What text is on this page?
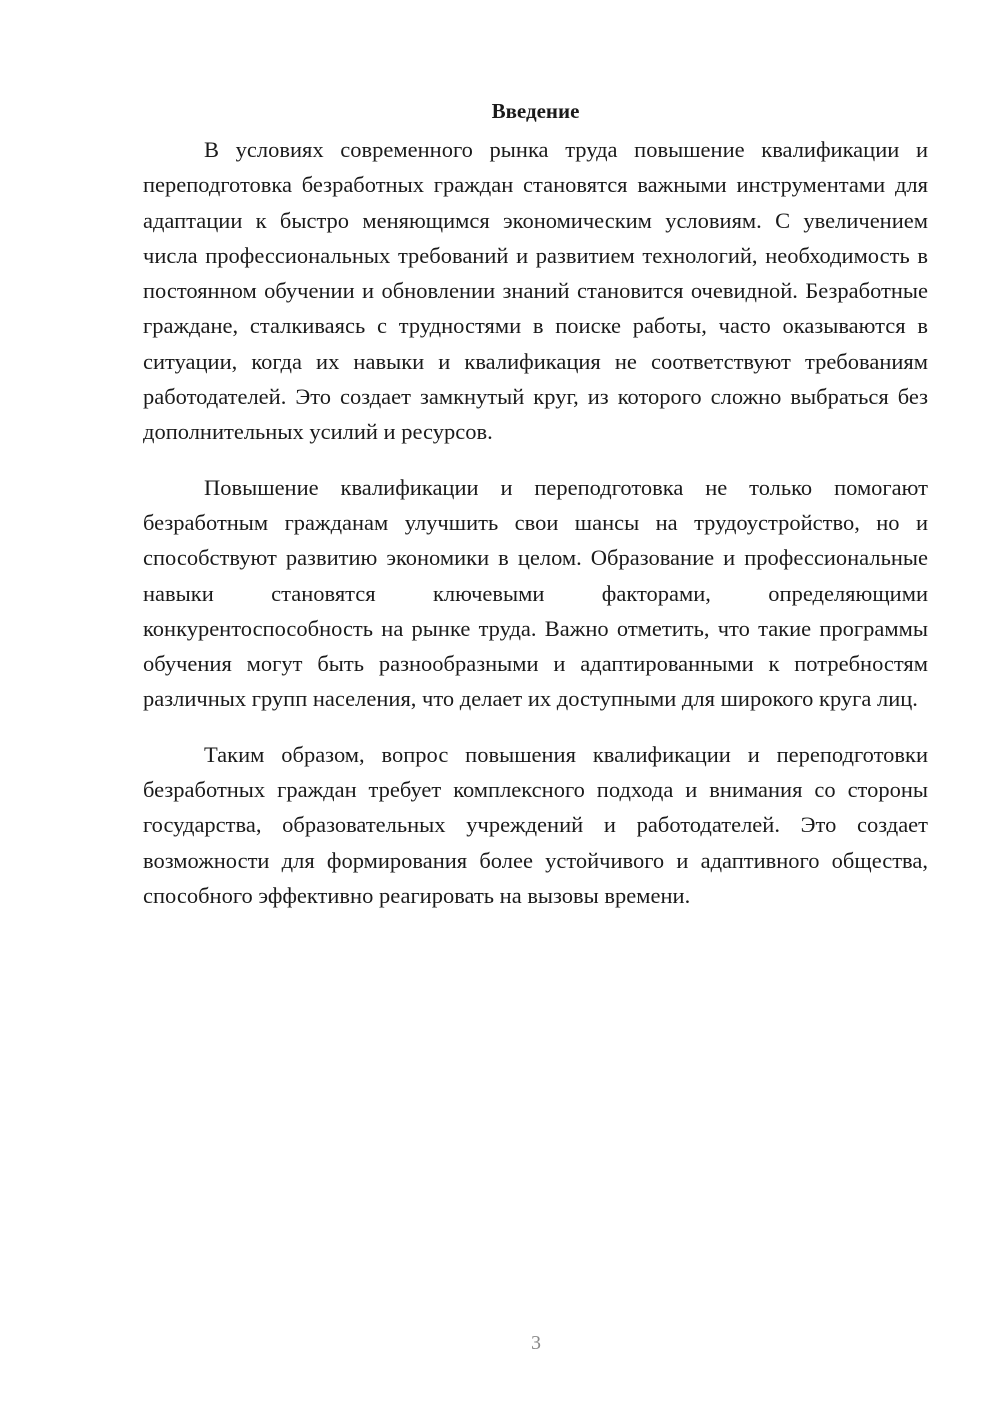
Введение

В условиях современного рынка труда повышение квалификации и переподготовка безработных граждан становятся важными инструментами для адаптации к быстро меняющимся экономическим условиям. С увеличением числа профессиональных требований и развитием технологий, необходимость в постоянном обучении и обновлении знаний становится очевидной. Безработные граждане, сталкиваясь с трудностями в поиске работы, часто оказываются в ситуации, когда их навыки и квалификация не соответствуют требованиям работодателей. Это создает замкнутый круг, из которого сложно выбраться без дополнительных усилий и ресурсов.

Повышение квалификации и переподготовка не только помогают безработным гражданам улучшить свои шансы на трудоустройство, но и способствуют развитию экономики в целом. Образование и профессиональные навыки становятся ключевыми факторами, определяющими конкурентоспособность на рынке труда. Важно отметить, что такие программы обучения могут быть разнообразными и адаптированными к потребностям различных групп населения, что делает их доступными для широкого круга лиц.

Таким образом, вопрос повышения квалификации и переподготовки безработных граждан требует комплексного подхода и внимания со стороны государства, образовательных учреждений и работодателей. Это создает возможности для формирования более устойчивого и адаптивного общества, способного эффективно реагировать на вызовы времени.

3
